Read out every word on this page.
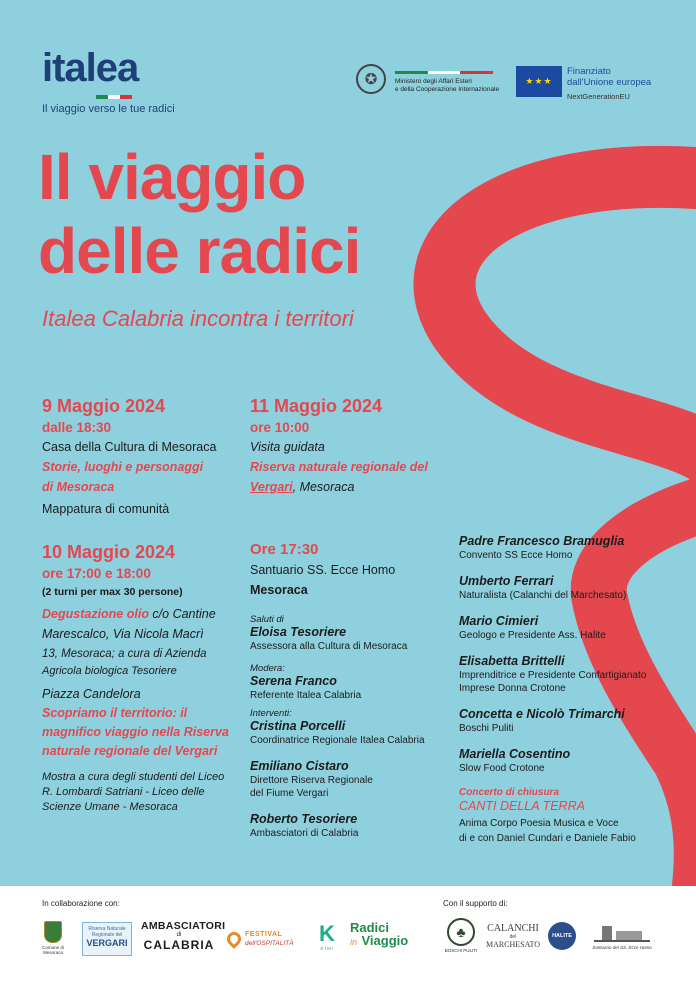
italea
Il viaggio verso le tue radici
✪	Ministero degli Affari Esteri
e della Cooperazione Internazionale
★★★
Finanziato
dall'Unione europea
NextGenerationEU
Il viaggio
delle radici
Italea Calabria incontra i territori
9 Maggio 2024
dalle 18:30
Casa della Cultura di Mesoraca
Storie, luoghi e personaggi
di Mesoraca
Mappatura di comunità
11 Maggio 2024
ore 10:00
Visita guidata
Riserva naturale regionale del
Vergari, Mesoraca
10 Maggio 2024
ore 17:00 e 18:00
(2 turni per max 30 persone)
Degustazione olio c/o Cantine
Marescalco, Via Nicola Macrì
13, Mesoraca; a cura di Azienda
Agricola biologica Tesoriere
Piazza Candelora
Scopriamo il territorio: il
magnifico viaggio nella Riserva
naturale regionale del Vergari
Mostra a cura degli studenti del Liceo
R. Lombardi Satriani - Liceo delle
Scienze Umane - Mesoraca
Ore 17:30
Santuario SS. Ecce Homo
Mesoraca
Saluti di
Eloisa Tesoriere
Assessora alla Cultura di Mesoraca
Modera:
Serena Franco
Referente Italea Calabria
Interventi:
Cristina Porcelli
Coordinatrice Regionale Italea Calabria
Emiliano Cistaro
Direttore Riserva Regionale
del Fiume Vergari
Roberto Tesoriere
Ambasciatori di Calabria
Padre Francesco Bramuglia
Convento SS Ecce Homo
Umberto Ferrari
Naturalista (Calanchi del Marchesato)
Mario Cimieri
Geologo e Presidente Ass. Halite
Elisabetta Brittelli
Imprenditrice e Presidente Confartigianato
Imprese Donna Crotone
Concetta e Nicolò Trimarchi
Boschi Puliti
Mariella Cosentino
Slow Food Crotone
Concerto di chiusura
CANTI DELLA TERRA
Anima Corpo Poesia Musica e Voce
di e con Daniel Cundari e Daniele Fabio
In collaborazione con:	Con il supporto di:
Comune di Mesoraca
Riserva Naturale
Regionale del
VERGARI
AMBASCIATORI
di
CALABRIA
FESTIVAL
dell'OSPITALITÀ K
K I M I
Radici
in Viaggio
♣
BOSCHI PULITI
CALANCHI
del
MARCHESATO
HALITE
Santuario del SS. Ecce Homo
